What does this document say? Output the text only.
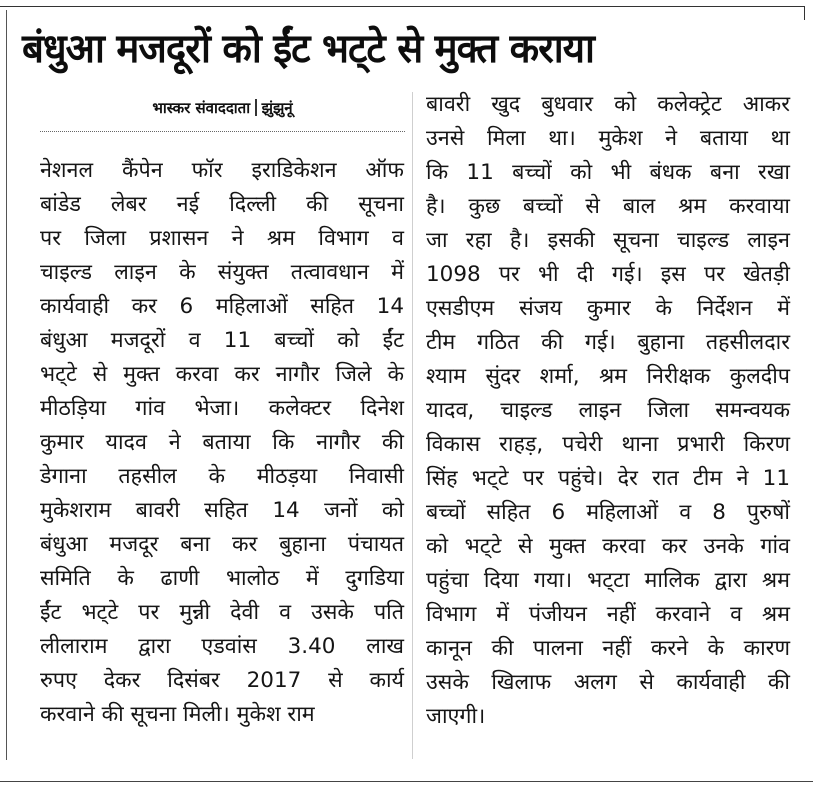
बंधुआ मजदूरों को ईंट भट्‌टे से मुक्त कराया
भास्कर संवाददाता झुंझुनूं
नेशनल कैंपेन फॉर इराडिकेशन ऑफ
बांडेड लेबर नई दिल्ली की सूचना
पर जिला प्रशासन ने श्रम विभाग व
चाइल्ड लाइन के संयुक्त तत्वावधान में
कार्यवाही कर 6 महिलाओं सहित 14
बंधुआ मजदूरों व 11 बच्चों को ईंट
भट्‌टे से मुक्त करवा कर नागौर जिले के
मीठड़िया गांव भेजा। कलेक्टर दिनेश
कुमार यादव ने बताया कि नागौर की
डेगाना तहसील के मीठड़या निवासी
मुकेशराम बावरी सहित 14 जनों को
बंधुआ मजदूर बना कर बुहाना पंचायत
समिति के ढाणी भालोठ में दुगडिया
ईंट भट्‌टे पर मुन्नी देवी व उसके पति
लीलाराम द्वारा एडवांस 3.40 लाख
रुपए देकर दिसंबर 2017 से कार्य
करवाने की सूचना मिली। मुकेश राम
बावरी खुद बुधवार को कलेक्ट्रेट आकर
उनसे मिला था। मुकेश ने बताया था
कि 11 बच्चों को भी बंधक बना रखा
है। कुछ बच्चों से बाल श्रम करवाया
जा रहा है। इसकी सूचना चाइल्ड लाइन
1098 पर भी दी गई। इस पर खेतड़ी
एसडीएम संजय कुमार के निर्देशन में
टीम गठित की गई। बुहाना तहसीलदार
श्याम सुंदर शर्मा, श्रम निरीक्षक कुलदीप
यादव, चाइल्ड लाइन जिला समन्वयक
विकास राहड़, पचेरी थाना प्रभारी किरण
सिंह भट्‌टे पर पहुंचे। देर रात टीम ने 11
बच्चों सहित 6 महिलाओं व 8 पुरुषों
को भट्‌टे से मुक्त करवा कर उनके गांव
पहुंचा दिया गया। भट्‌टा मालिक द्वारा श्रम
विभाग में पंजीयन नहीं करवाने व श्रम
कानून की पालना नहीं करने के कारण
उसके खिलाफ अलग से कार्यवाही की
जाएगी।
